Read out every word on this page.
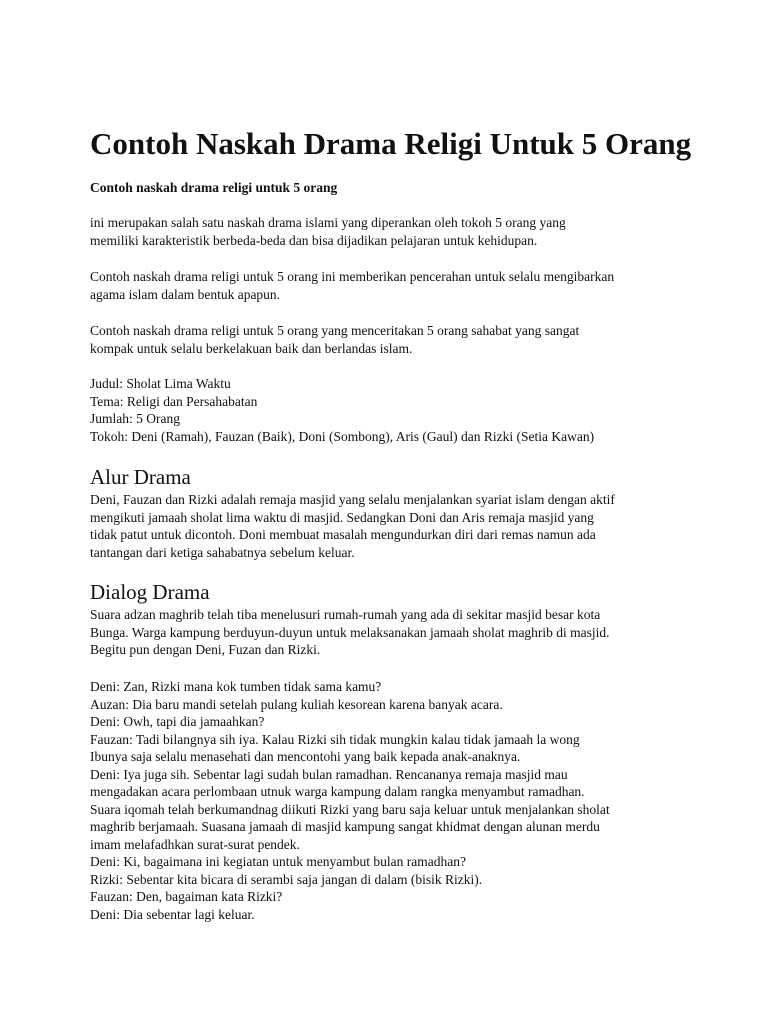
Contoh Naskah Drama Religi Untuk 5 Orang

Contoh naskah drama religi untuk 5 orang

ini merupakan salah satu naskah drama islami yang diperankan oleh tokoh 5 orang yang
memiliki karakteristik berbeda-beda dan bisa dijadikan pelajaran untuk kehidupan.

Contoh naskah drama religi untuk 5 orang ini memberikan pencerahan untuk selalu mengibarkan
agama islam dalam bentuk apapun.

Contoh naskah drama religi untuk 5 orang yang menceritakan 5 orang sahabat yang sangat
kompak untuk selalu berkelakuan baik dan berlandas islam.

Judul: Sholat Lima Waktu
Tema: Religi dan Persahabatan
Jumlah: 5 Orang
Tokoh: Deni (Ramah), Fauzan (Baik), Doni (Sombong), Aris (Gaul) dan Rizki (Setia Kawan)

Alur Drama

Deni, Fauzan dan Rizki adalah remaja masjid yang selalu menjalankan syariat islam dengan aktif
mengikuti jamaah sholat lima waktu di masjid. Sedangkan Doni dan Aris remaja masjid yang
tidak patut untuk dicontoh. Doni membuat masalah mengundurkan diri dari remas namun ada
tantangan dari ketiga sahabatnya sebelum keluar.

Dialog Drama

Suara adzan maghrib telah tiba menelusuri rumah-rumah yang ada di sekitar masjid besar kota
Bunga. Warga kampung berduyun-duyun untuk melaksanakan jamaah sholat maghrib di masjid.
Begitu pun dengan Deni, Fuzan dan Rizki.

Deni: Zan, Rizki mana kok tumben tidak sama kamu?
Auzan: Dia baru mandi setelah pulang kuliah kesorean karena banyak acara.
Deni: Owh, tapi dia jamaahkan?
Fauzan: Tadi bilangnya sih iya. Kalau Rizki sih tidak mungkin kalau tidak jamaah la wong
Ibunya saja selalu menasehati dan mencontohi yang baik kepada anak-anaknya.
Deni: Iya juga sih. Sebentar lagi sudah bulan ramadhan. Rencananya remaja masjid mau
mengadakan acara perlombaan utnuk warga kampung dalam rangka menyambut ramadhan.
Suara iqomah telah berkumandnag diikuti Rizki yang baru saja keluar untuk menjalankan sholat
maghrib berjamaah. Suasana jamaah di masjid kampung sangat khidmat dengan alunan merdu
imam melafadhkan surat-surat pendek.
Deni: Ki, bagaimana ini kegiatan untuk menyambut bulan ramadhan?
Rizki: Sebentar kita bicara di serambi saja jangan di dalam (bisik Rizki).
Fauzan: Den, bagaiman kata Rizki?
Deni: Dia sebentar lagi keluar.
